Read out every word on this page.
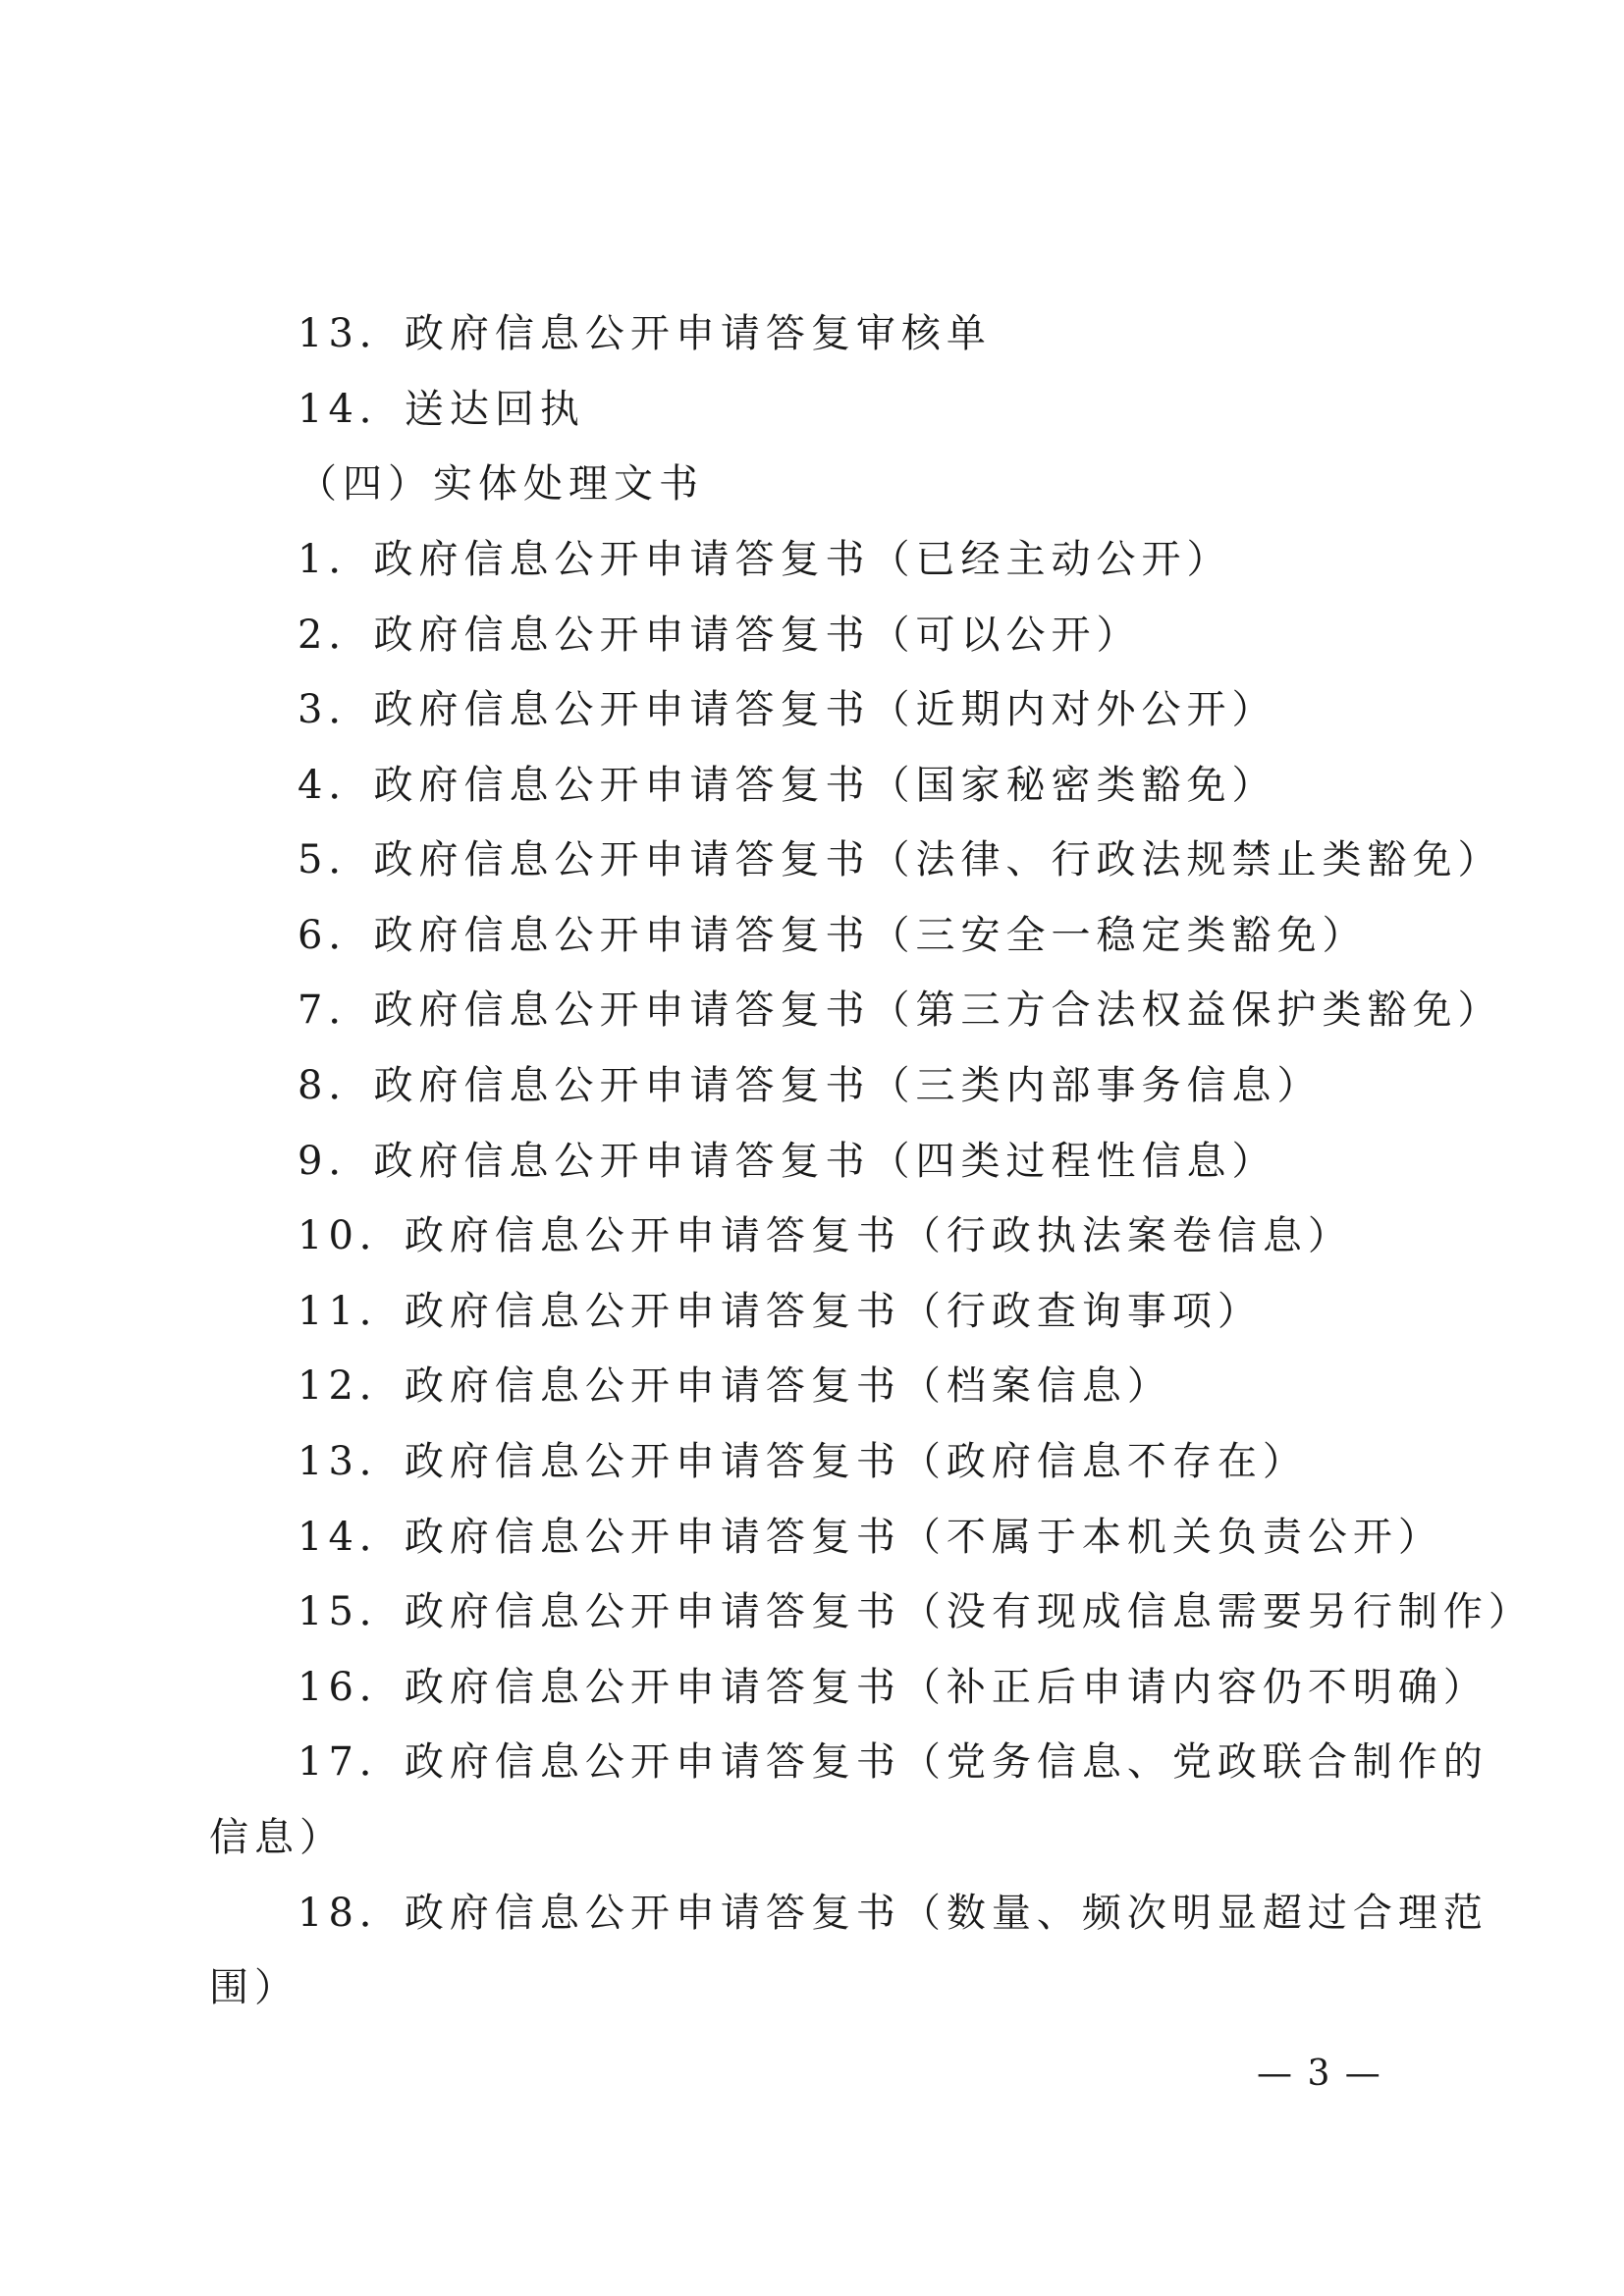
13．政府信息公开申请答复审核单
14．送达回执
（四）实体处理文书
1．政府信息公开申请答复书（已经主动公开）
2．政府信息公开申请答复书（可以公开）
3．政府信息公开申请答复书（近期内对外公开）
4．政府信息公开申请答复书（国家秘密类豁免）
5．政府信息公开申请答复书（法律、行政法规禁止类豁免）
6．政府信息公开申请答复书（三安全一稳定类豁免）
7．政府信息公开申请答复书（第三方合法权益保护类豁免）
8．政府信息公开申请答复书（三类内部事务信息）
9．政府信息公开申请答复书（四类过程性信息）
10．政府信息公开申请答复书（行政执法案卷信息）
11．政府信息公开申请答复书（行政查询事项）
12．政府信息公开申请答复书（档案信息）
13．政府信息公开申请答复书（政府信息不存在）
14．政府信息公开申请答复书（不属于本机关负责公开）
15．政府信息公开申请答复书（没有现成信息需要另行制作）
16．政府信息公开申请答复书（补正后申请内容仍不明确）
17．政府信息公开申请答复书（党务信息、党政联合制作的
信息）
18．政府信息公开申请答复书（数量、频次明显超过合理范
围）
— 3 —
